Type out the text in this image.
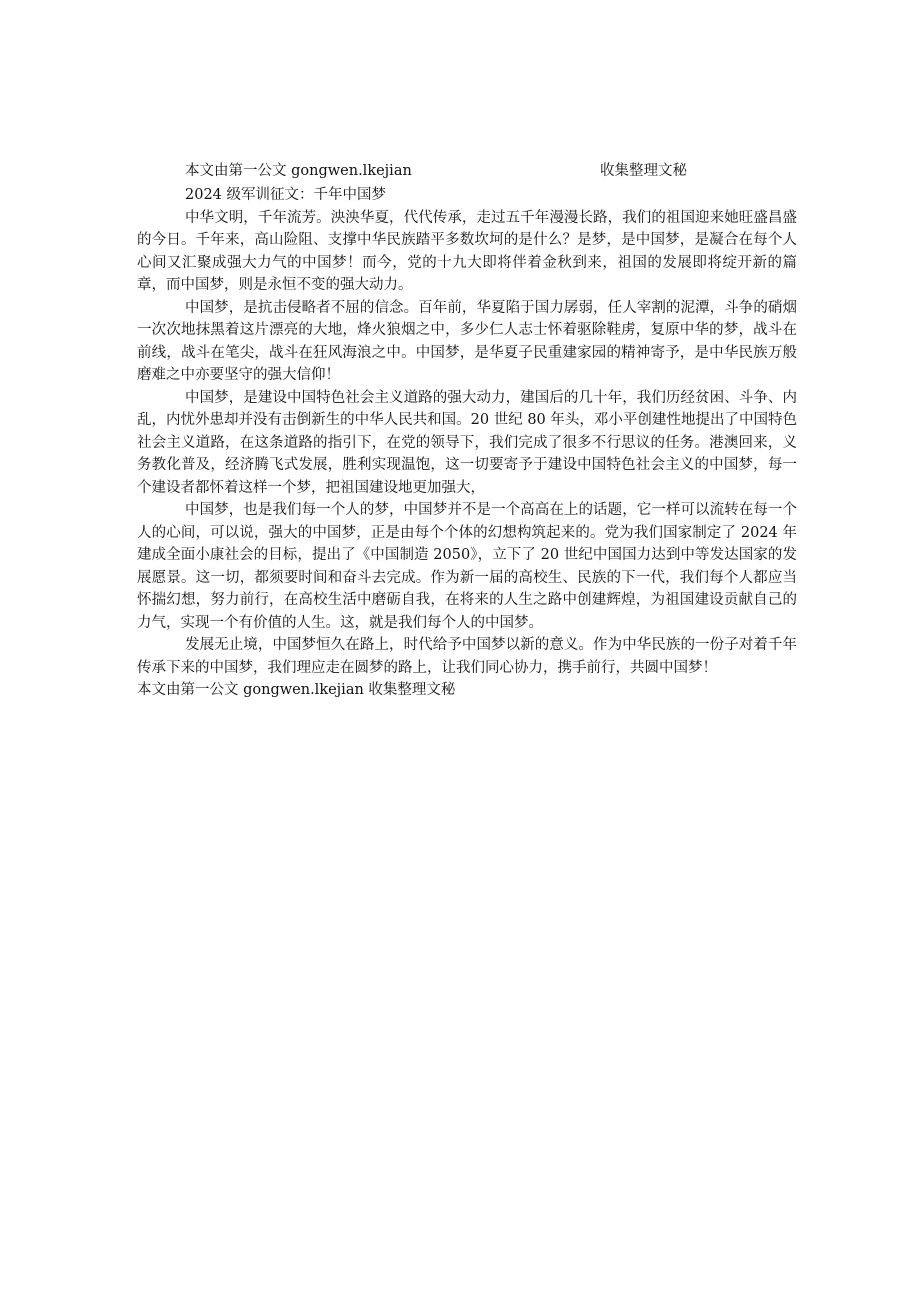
本文由第一公文 gongwen.lkejian	收集整理文秘

2024 级军训征文：千年中国梦

中华文明，千年流芳。泱泱华夏，代代传承，走过五千年漫漫长路，我们的祖国迎来她旺盛昌盛的今日。千年来，高山险阻、支撑中华民族踏平多数坎坷的是什么？是梦，是中国梦，是凝合在每个人心间又汇聚成强大力气的中国梦！而今，党的十九大即将伴着金秋到来，祖国的发展即将绽开新的篇章，而中国梦，则是永恒不变的强大动力。

中国梦，是抗击侵略者不屈的信念。百年前，华夏陷于国力孱弱，任人宰割的泥潭，斗争的硝烟一次次地抹黑着这片漂亮的大地，烽火狼烟之中，多少仁人志士怀着驱除鞋虏，复原中华的梦，战斗在前线，战斗在笔尖，战斗在狂风海浪之中。中国梦，是华夏子民重建家园的精神寄予，是中华民族万般磨难之中亦要坚守的强大信仰！

中国梦，是建设中国特色社会主义道路的强大动力，建国后的几十年，我们历经贫困、斗争、内乱，内忧外患却并没有击倒新生的中华人民共和国。20 世纪 80 年头，邓小平创建性地提出了中国特色社会主义道路，在这条道路的指引下，在党的领导下，我们完成了很多不行思议的任务。港澳回来，义务教化普及，经济腾飞式发展，胜利实现温饱，这一切要寄予于建设中国特色社会主义的中国梦，每一个建设者都怀着这样一个梦，把祖国建设地更加强大，

中国梦，也是我们每一个人的梦，中国梦并不是一个高高在上的话题，它一样可以流转在每一个人的心间，可以说，强大的中国梦，正是由每个个体的幻想构筑起来的。党为我们国家制定了 2024 年建成全面小康社会的目标，提出了《中国制造 2050》，立下了 20 世纪中国国力达到中等发达国家的发展愿景。这一切，都须要时间和奋斗去完成。作为新一届的高校生、民族的下一代，我们每个人都应当怀揣幻想，努力前行，在高校生活中磨砺自我，在将来的人生之路中创建辉煌，为祖国建设贡献自己的力气，实现一个有价值的人生。这，就是我们每个人的中国梦。

发展无止境，中国梦恒久在路上，时代给予中国梦以新的意义。作为中华民族的一份子对着千年传承下来的中国梦，我们理应走在圆梦的路上，让我们同心协力，携手前行，共圆中国梦！

本文由第一公文 gongwen.lkejian 收集整理文秘
